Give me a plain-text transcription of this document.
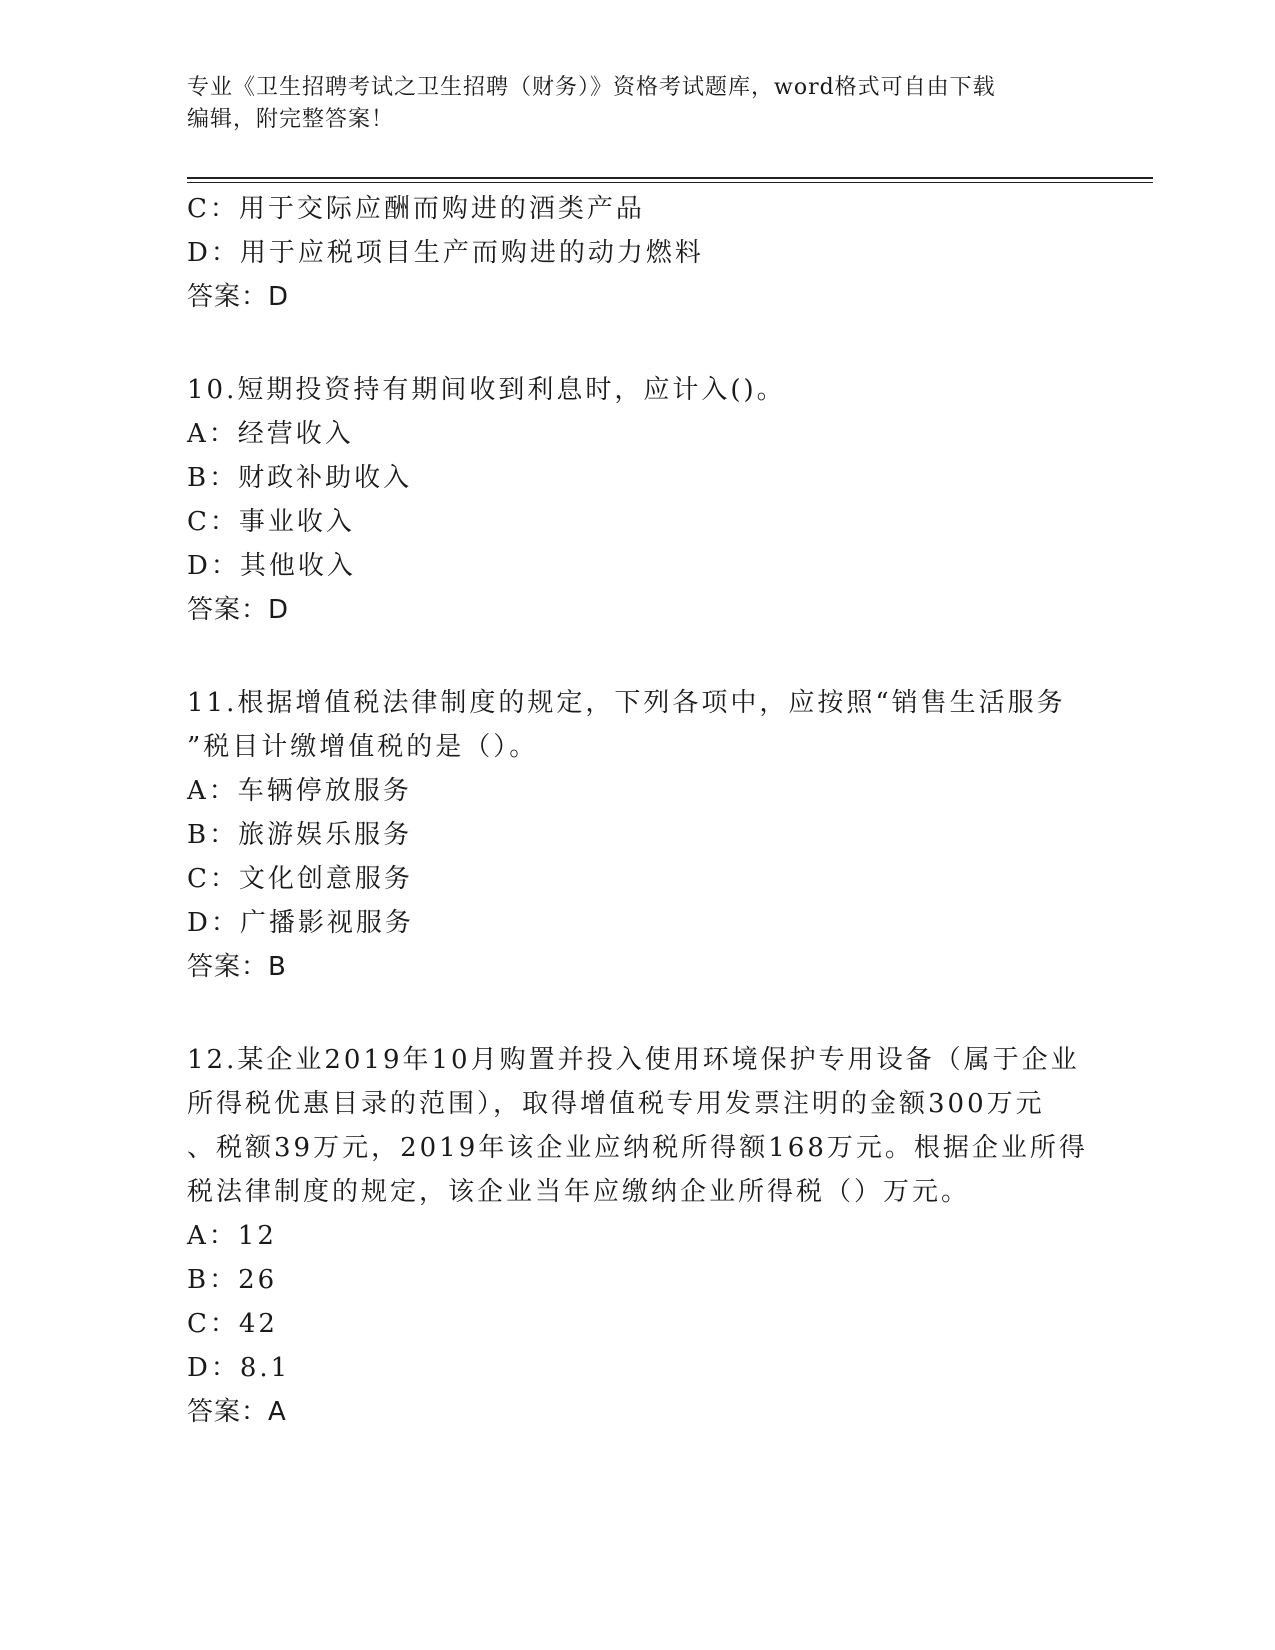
专业《卫生招聘考试之卫生招聘（财务）》资格考试题库，word格式可自由下载
编辑，附完整答案！
C：用于交际应酬而购进的酒类产品
D：用于应税项目生产而购进的动力燃料
答案：D
10.短期投资持有期间收到利息时，应计入()。
A：经营收入
B：财政补助收入
C：事业收入
D：其他收入
答案：D
11.根据增值税法律制度的规定，下列各项中，应按照“销售生活服务
”税目计缴增值税的是（）。
A：车辆停放服务
B：旅游娱乐服务
C：文化创意服务
D：广播影视服务
答案：B
12.某企业2019年10月购置并投入使用环境保护专用设备（属于企业
所得税优惠目录的范围），取得增值税专用发票注明的金额300万元
、税额39万元，2019年该企业应纳税所得额168万元。根据企业所得
税法律制度的规定，该企业当年应缴纳企业所得税（）万元。
A：12
B：26
C：42
D：8.1
答案：A
